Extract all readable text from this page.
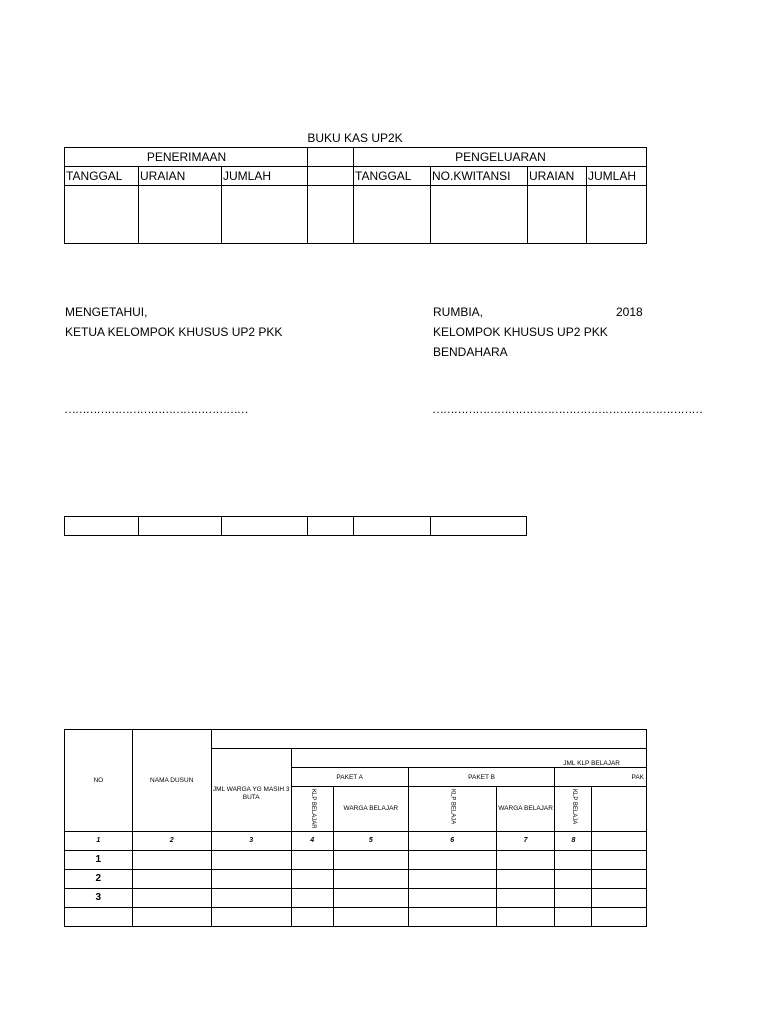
BUKU KAS UP2K
PENERIMAAN				PENGELUARAN			
TANGGAL	URAIAN	JUMLAH		TANGGAL	NO.KWITANSI	URAIAN	JUMLAH

MENGETAHUI,
KETUA KELOMPOK KHUSUS UP2 PKK
……………………………………………
RUMBIA,	2018
KELOMPOK KHUSUS UP2 PKK
BENDAHARA
…………………………………………………………………

NO	NAMA DUSUN							
		JML WARGA YG MASIH 3 BUTA	JML KLP BELAJAR					
			PAKET A		PAKET B		PAK	
			KLP BELAJAR	WARGA BELAJAR	KLP BELAJA	WARGA BELAJAR	KLP BELAJA	
1	2	3	4	5	6	7	8	
1								
2								
3								
